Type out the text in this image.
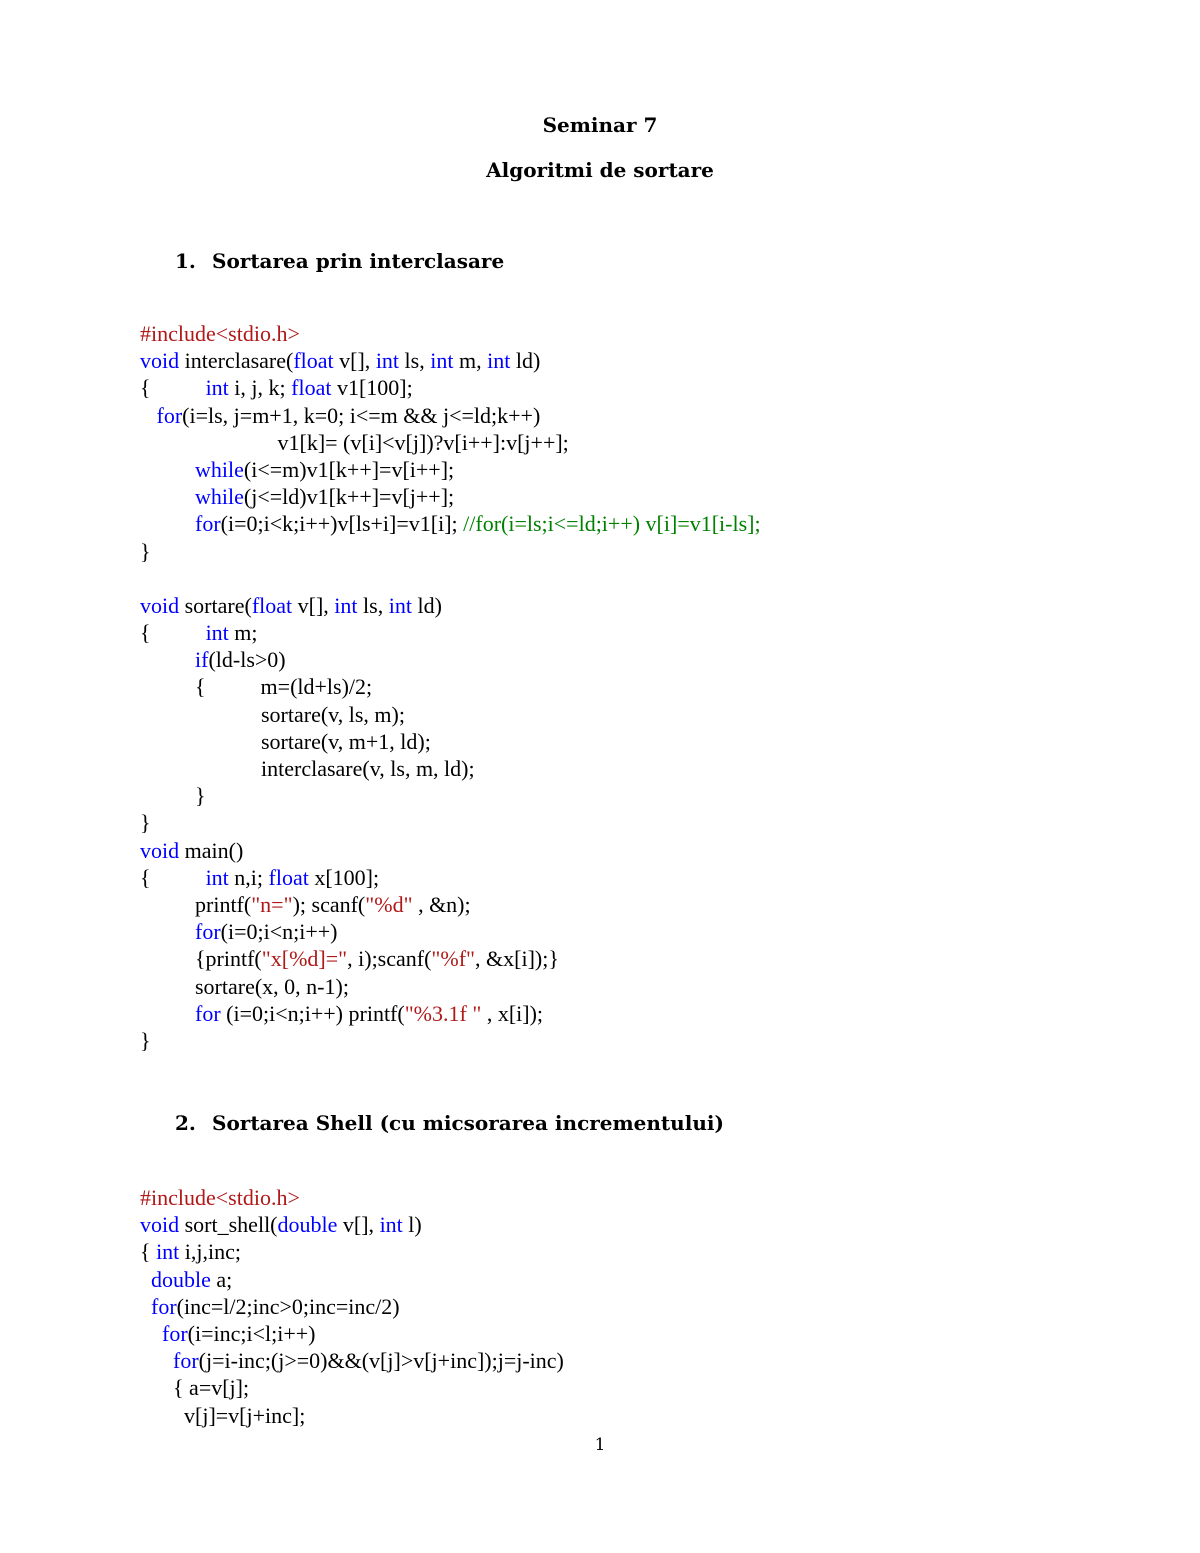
Seminar 7
Algoritmi de sortare
1. Sortarea prin interclasare
#include<stdio.h>
void interclasare(float v[], int ls, int m, int ld)
{          int i, j, k; float v1[100];
for(i=ls, j=m+1, k=0; i<=m && j<=ld;k++)
v1[k]= (v[i]<v[j])?v[i++]:v[j++];
while(i<=m)v1[k++]=v[i++];
while(j<=ld)v1[k++]=v[j++];
for(i=0;i<k;i++)v[ls+i]=v1[i]; //for(i=ls;i<=ld;i++) v[i]=v1[i-ls];
}
void sortare(float v[], int ls, int ld)
{          int m;
if(ld-ls>0)
{          m=(ld+ls)/2;
sortare(v, ls, m);
sortare(v, m+1, ld);
interclasare(v, ls, m, ld);
}
}
void main()
{          int n,i; float x[100];
printf("n="); scanf("%d" , &n);
for(i=0;i<n;i++)
{printf("x[%d]=", i);scanf("%f", &x[i]);}
sortare(x, 0, n-1);
for (i=0;i<n;i++) printf("%3.1f " , x[i]);
}
2. Sortarea Shell (cu micsorarea incrementului)
#include<stdio.h>
void sort_shell(double v[], int l)
{ int i,j,inc;
double a;
for(inc=l/2;inc>0;inc=inc/2)
for(i=inc;i<l;i++)
for(j=i-inc;(j>=0)&&(v[j]>v[j+inc]);j=j-inc)
{ a=v[j];
v[j]=v[j+inc];
1
